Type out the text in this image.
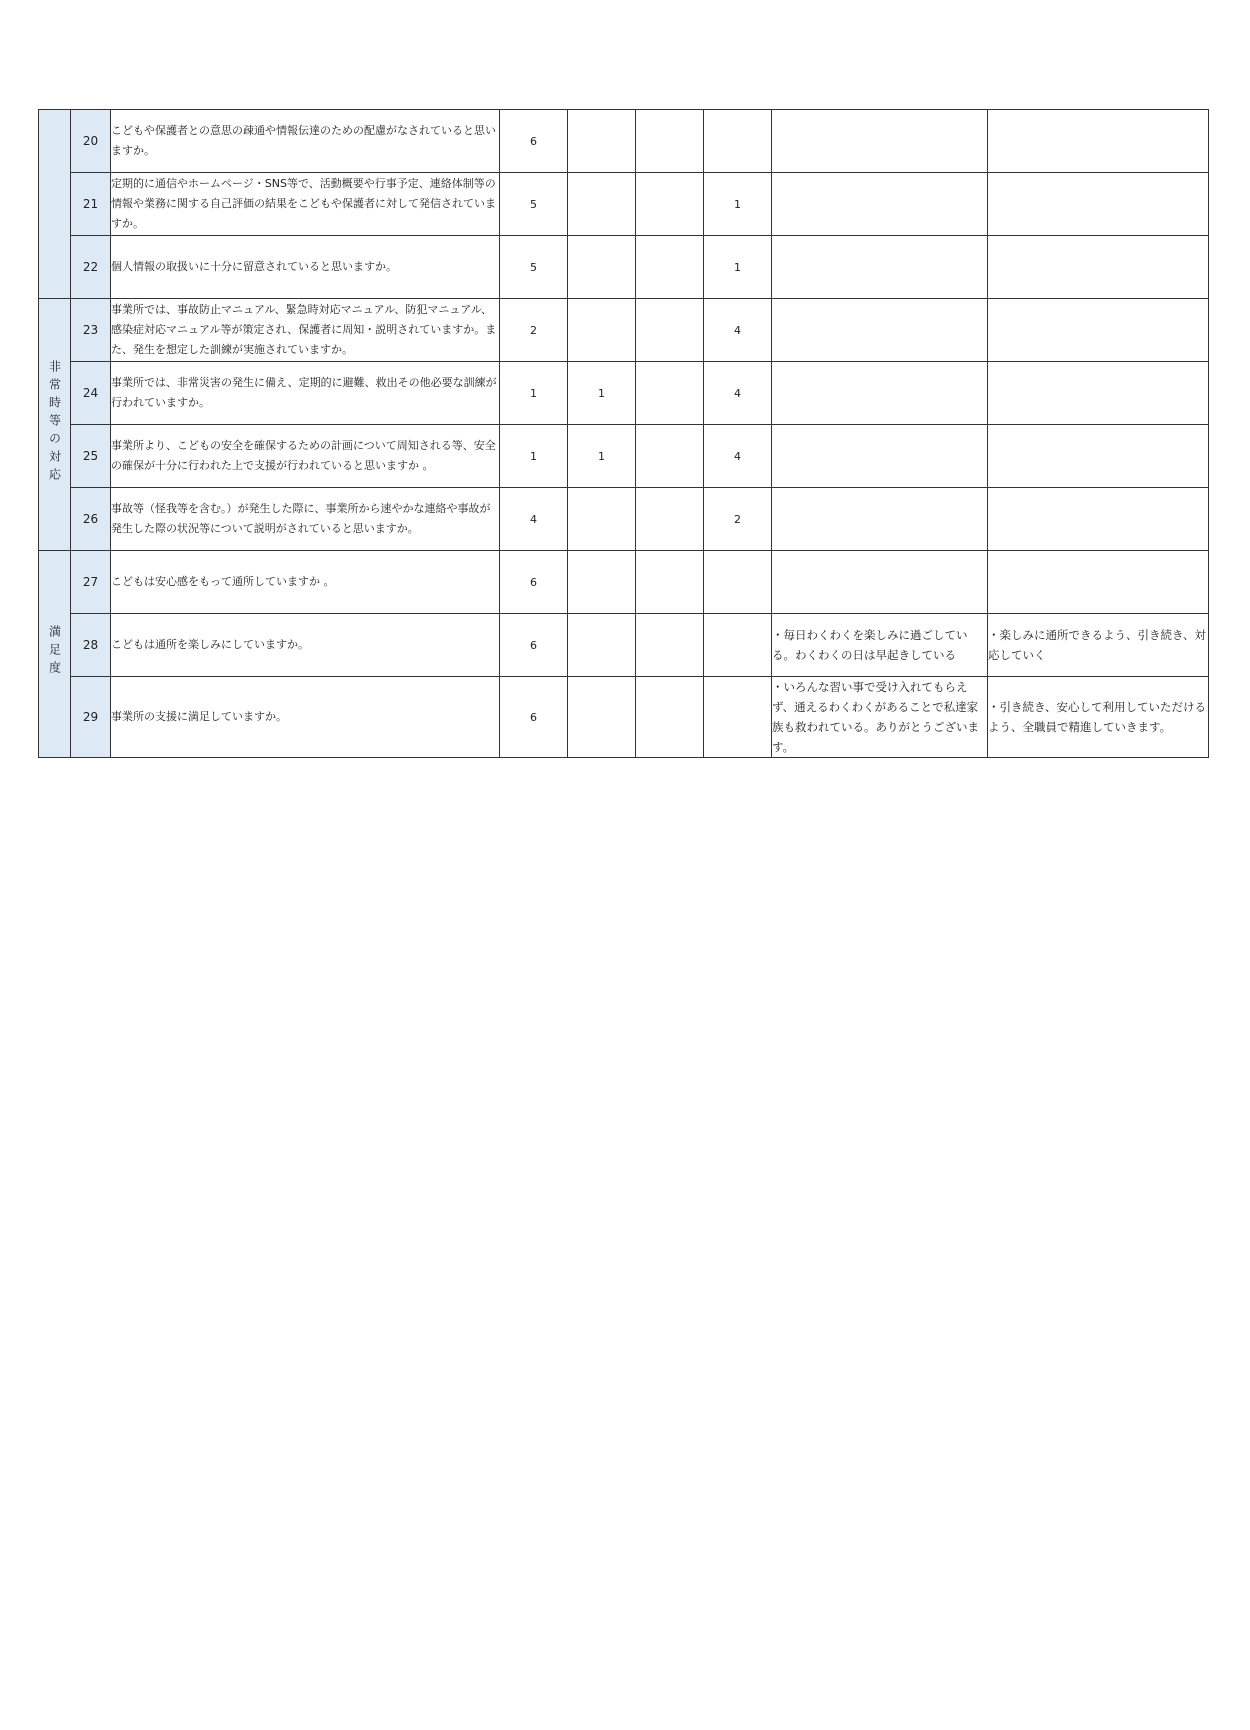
	20	こどもや保護者との意思の疎通や情報伝達のための配慮がなされていると思いますか。	6					
	21	定期的に通信やホームページ・SNS等で、活動概要や行事予定、連絡体制等の情報や業務に関する自己評価の結果をこどもや保護者に対して発信されていますか。	5			1		
	22	個人情報の取扱いに十分に留意されていると思いますか。	5			1		
非常時等の対応	23	事業所では、事故防止マニュアル、緊急時対応マニュアル、防犯マニュアル、感染症対応マニュアル等が策定され、保護者に周知・説明されていますか。また、発生を想定した訓練が実施されていますか。	2			4		
	24	事業所では、非常災害の発生に備え、定期的に避難、救出その他必要な訓練が行われていますか。	1	1		4		
	25	事業所より、こどもの安全を確保するための計画について周知される等、安全の確保が十分に行われた上で支援が行われていると思いますか 。	1	1		4		
	26	事故等（怪我等を含む。）が発生した際に、事業所から速やかな連絡や事故が発生した際の状況等について説明がされていると思いますか。	4			2		
満足度	27	こどもは安心感をもって通所していますか 。	6					
	28	こどもは通所を楽しみにしていますか。	6				・毎日わくわくを楽しみに過ごしている。わくわくの日は早起きしている	・楽しみに通所できるよう、引き続き、対応していく
	29	事業所の支援に満足していますか。	6				・いろんな習い事で受け入れてもらえず、通えるわくわくがあることで私達家族も救われている。ありがとうございます。	・引き続き、安心して利用していただけるよう、全職員で精進していきます。
